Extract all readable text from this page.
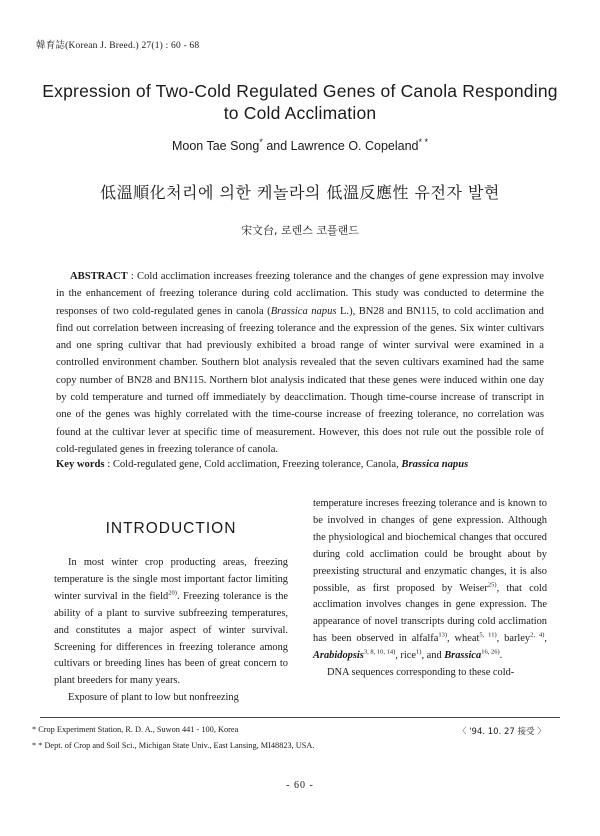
韓育誌(Korean J. Breed.) 27(1) : 60 - 68
Expression of Two-Cold Regulated Genes of Canola Responding
to Cold Acclimation
Moon Tae Song* and Lawrence O. Copeland* *
低溫順化처리에 의한 케놀라의 低溫反應性 유전자 발현
宋文台, 로렌스 코플랜드

ABSTRACT : Cold acclimation increases freezing tolerance and the changes of gene expression may involve in the enhancement of freezing tolerance during cold acclimation. This study was conducted to determine the responses of two cold-regulated genes in canola (Brassica napus L.), BN28 and BN115, to cold acclimation and find out correlation between increasing of freezing tolerance and the expression of the genes. Six winter cultivars and one spring cultivar that had previously exhibited a broad range of winter survival were examined in a controlled environment chamber. Southern blot analysis revealed that the seven cultivars examined had the same copy number of BN28 and BN115. Northern blot analysis indicated that these genes were induced within one day by cold temperature and turned off immediately by deacclimation. Though time-course increase of transcript in one of the genes was highly correlated with the time-course increase of freezing tolerance, no correlation was found at the cultivar lever at specific time of measurement. However, this does not rule out the possible role of cold-regulated genes in freezing tolerance of canola.

Key words : Cold-regulated gene, Cold acclimation, Freezing tolerance, Canola, Brassica napus
INTRODUCTION

In most winter crop producting areas, freezing temperature is the single most important factor limiting winter survival in the field$^{20)}$. Freezing tolerance is the ability of a plant to survive subfreezing temperatures, and constitutes a major aspect of winter survival. Screening for differences in freezing tolerance among cultivars or breeding lines has been of great concern to plant breeders for many years.

Exposure of plant to low but nonfreezing

temperature increses freezing tolerance and is known to be involved in changes of gene expression. Although the physiological and biochemical changes that occured during cold acclimation could be brought about by preexisting structural and enzymatic changes, it is also possible, as first proposed by Weiser$^{25)}$, that cold acclimation involves changes in gene expression. The appearance of novel transcripts during cold acclimation has been observed in alfalfa$^{13)}$, wheat$^{5, 11)}$, barley$^{2, 4)}$, Arabidopsis$^{3, 8, 10, 14)}$, rice$^{1)}$, and Brassica$^{16, 26)}$.

DNA sequences corresponding to these cold-

* Crop Experiment Station, R. D. A., Suwon 441 - 100, Korea
* * Dept. of Crop and Soil Sci., Michigan State Univ., East Lansing, MI48823, USA.
〈 '94. 10. 27 接受 〉
- 60 -
